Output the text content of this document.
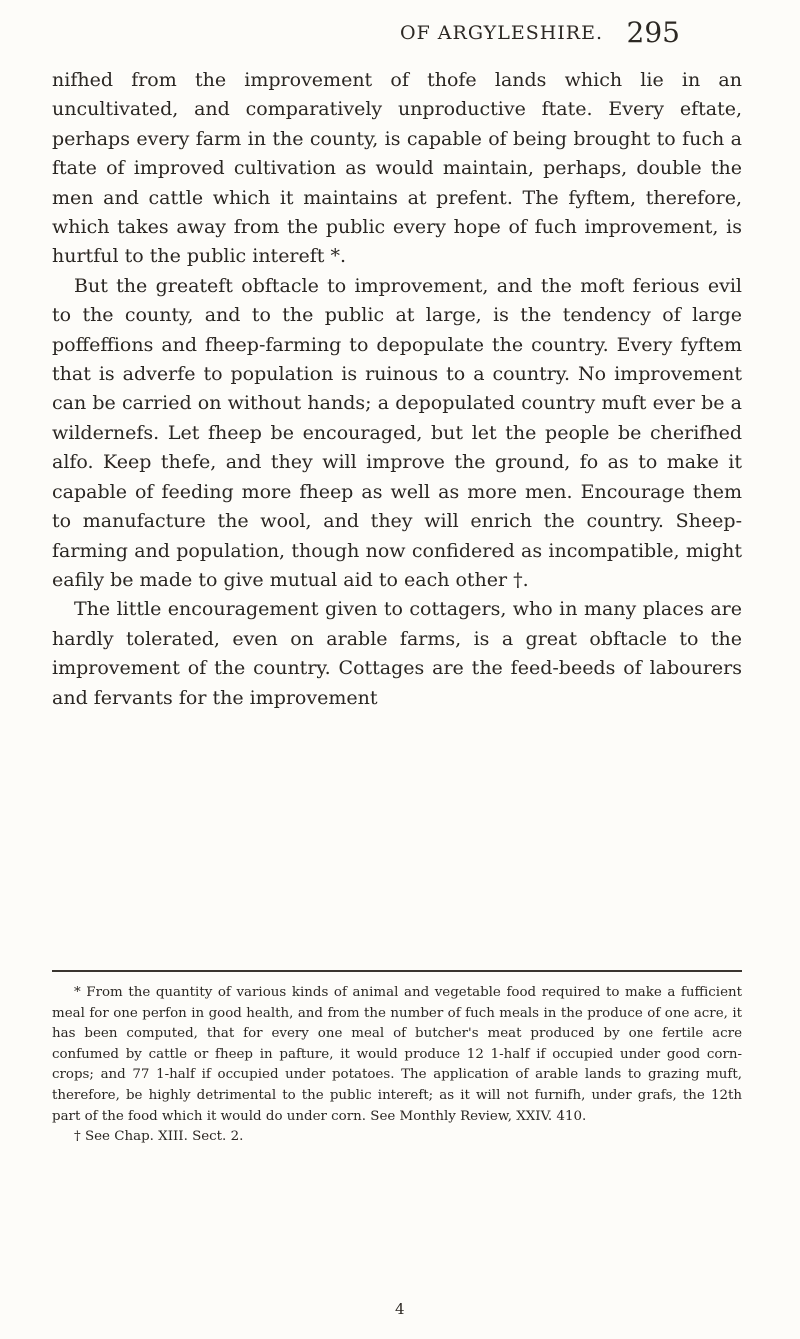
OF ARGYLESHIRE. 295

nifhed from the improvement of thofe lands which lie in an uncultivated, and comparatively unproductive ftate. Every eftate, perhaps every farm in the county, is capable of being brought to fuch a ftate of improved cultivation as would maintain, perhaps, double the men and cattle which it maintains at prefent. The fyftem, therefore, which takes away from the public every hope of fuch improvement, is hurtful to the public intereft *.

But the greateft obftacle to improvement, and the moft ferious evil to the county, and to the public at large, is the tendency of large poffeffions and fheep-farming to depopulate the country. Every fyftem that is adverfe to population is ruinous to a country. No improvement can be carried on without hands; a depopulated country muft ever be a wildernefs. Let fheep be encouraged, but let the people be cherifhed alfo. Keep thefe, and they will improve the ground, fo as to make it capable of feeding more fheep as well as more men. Encourage them to manufacture the wool, and they will enrich the country. Sheep-farming and population, though now confidered as incompatible, might eafily be made to give mutual aid to each other †.

The little encouragement given to cottagers, who in many places are hardly tolerated, even on arable farms, is a great obftacle to the improvement of the country. Cottages are the feed-beeds of labourers and fervants for the improvement

* From the quantity of various kinds of animal and vegetable food required to make a fufficient meal for one perfon in good health, and from the number of fuch meals in the produce of one acre, it has been computed, that for every one meal of butcher's meat produced by one fertile acre confumed by cattle or fheep in pafture, it would produce 12 1-half if occupied under good corn-crops; and 77 1-half if occupied under potatoes. The application of arable lands to grazing muft, therefore, be highly detrimental to the public intereft; as it will not furnifh, under grafs, the 12th part of the food which it would do under corn. See Monthly Review, XXIV. 410.

† See Chap. XIII. Sect. 2.

4
